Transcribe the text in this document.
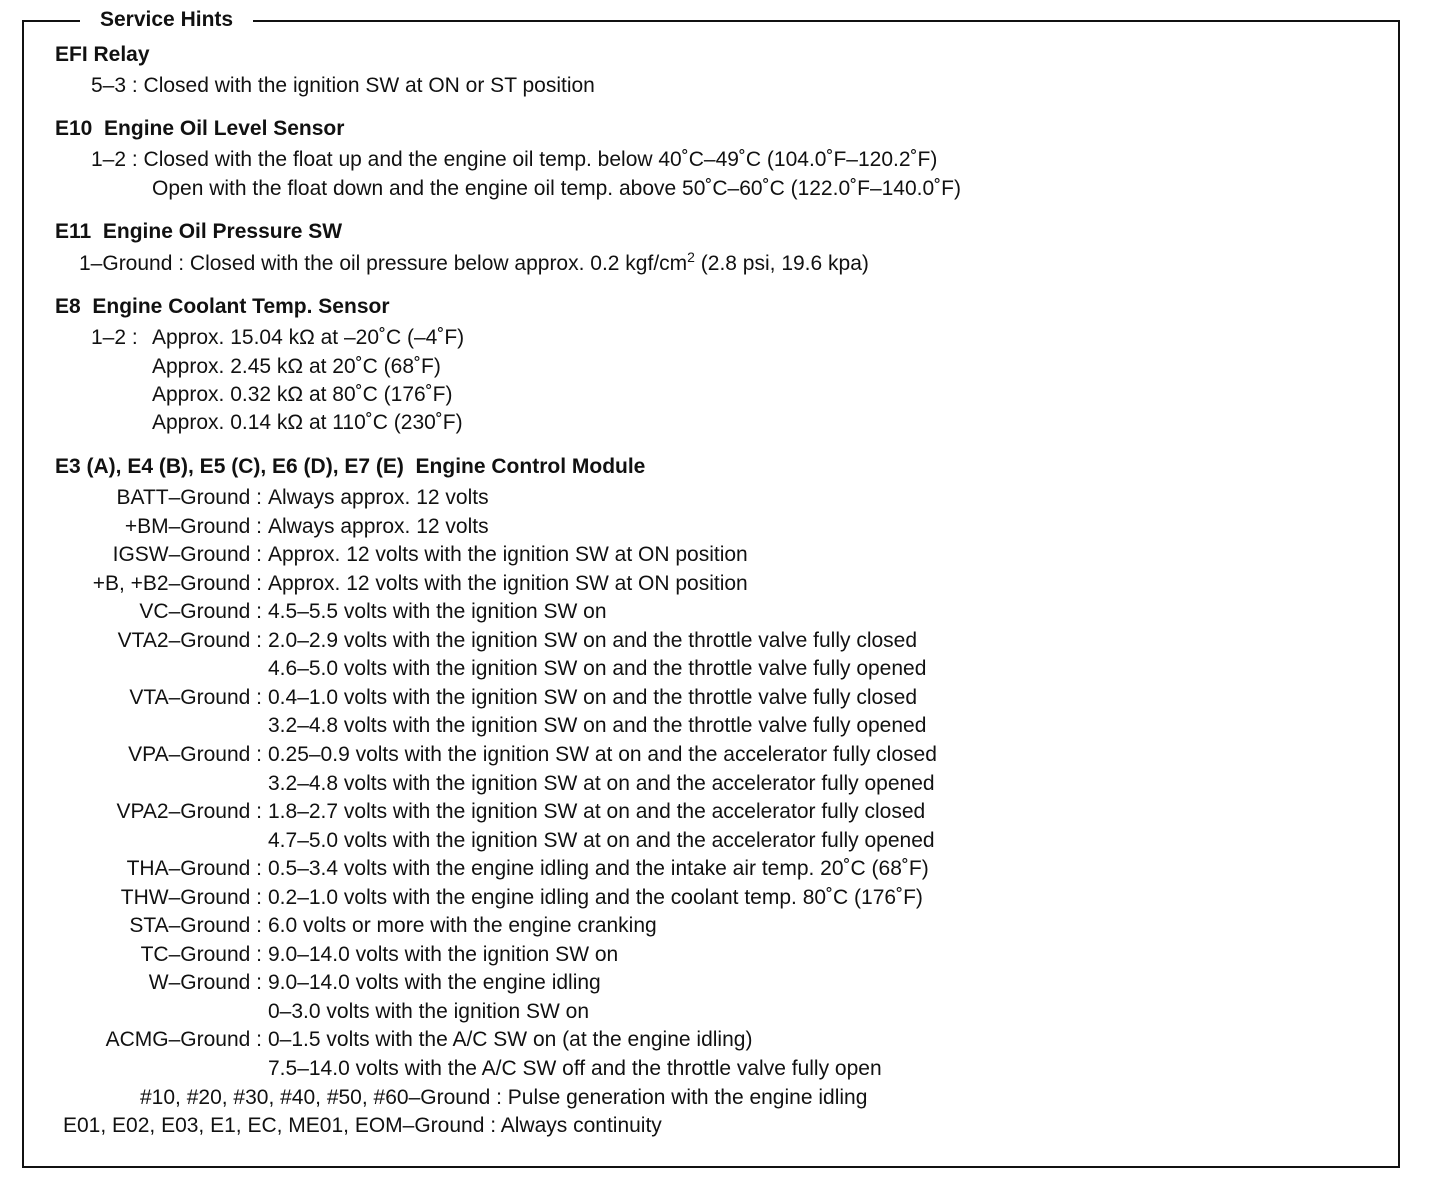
Service Hints
EFI Relay
5–3 : Closed with the ignition SW at ON or ST position
E10  Engine Oil Level Sensor
1–2 : Closed with the float up and the engine oil temp. below 40˚C–49˚C (104.0˚F–120.2˚F)
Open with the float down and the engine oil temp. above 50˚C–60˚C (122.0˚F–140.0˚F)
E11  Engine Oil Pressure SW
1–Ground : Closed with the oil pressure below approx. 0.2 kgf/$cm^2$ (2.8 psi, 19.6 kpa)
E8  Engine Coolant Temp. Sensor
1–2 : Approx. 15.04 kΩ at –20˚C (–4˚F)
Approx. 2.45 kΩ at 20˚C (68˚F)
Approx. 0.32 kΩ at 80˚C (176˚F)
Approx. 0.14 kΩ at 110˚C (230˚F)
E3 (A), E4 (B), E5 (C), E6 (D), E7 (E)  Engine Control Module
BATT–Ground : Always approx. 12 volts
+BM–Ground : Always approx. 12 volts
IGSW–Ground : Approx. 12 volts with the ignition SW at ON position
+B, +B2–Ground : Approx. 12 volts with the ignition SW at ON position
VC–Ground : 4.5–5.5 volts with the ignition SW on
VTA2–Ground : 2.0–2.9 volts with the ignition SW on and the throttle valve fully closed
4.6–5.0 volts with the ignition SW on and the throttle valve fully opened
VTA–Ground : 0.4–1.0 volts with the ignition SW on and the throttle valve fully closed
3.2–4.8 volts with the ignition SW on and the throttle valve fully opened
VPA–Ground : 0.25–0.9 volts with the ignition SW at on and the accelerator fully closed
3.2–4.8 volts with the ignition SW at on and the accelerator fully opened
VPA2–Ground : 1.8–2.7 volts with the ignition SW at on and the accelerator fully closed
4.7–5.0 volts with the ignition SW at on and the accelerator fully opened
THA–Ground : 0.5–3.4 volts with the engine idling and the intake air temp. 20˚C (68˚F)
THW–Ground : 0.2–1.0 volts with the engine idling and the coolant temp. 80˚C (176˚F)
STA–Ground : 6.0 volts or more with the engine cranking
TC–Ground : 9.0–14.0 volts with the ignition SW on
W–Ground : 9.0–14.0 volts with the engine idling
0–3.0 volts with the ignition SW on
ACMG–Ground : 0–1.5 volts with the A/C SW on (at the engine idling)
7.5–14.0 volts with the A/C SW off and the throttle valve fully open
#10, #20, #30, #40, #50, #60–Ground : Pulse generation with the engine idling
E01, E02, E03, E1, EC, ME01, EOM–Ground : Always continuity
